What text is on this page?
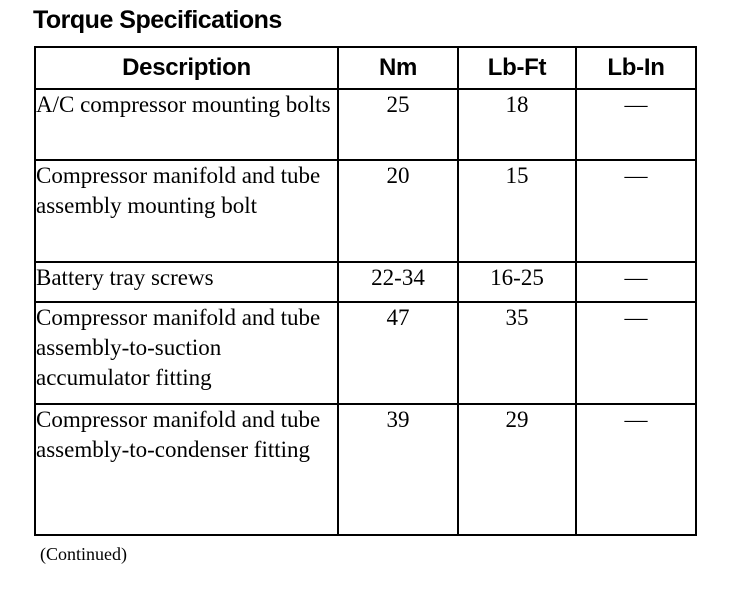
Torque Specifications
Description	Nm	Lb-Ft	Lb-In
A/C compressor mounting bolts	25	18	—
Compressor manifold and tube assembly mounting bolt	20	15	—
Battery tray screws	22-34	16-25	—
Compressor manifold and tube assembly-to-suction accumulator fitting	47	35	—
Compressor manifold and tube assembly-to-condenser fitting	39	29	—
(Continued)
